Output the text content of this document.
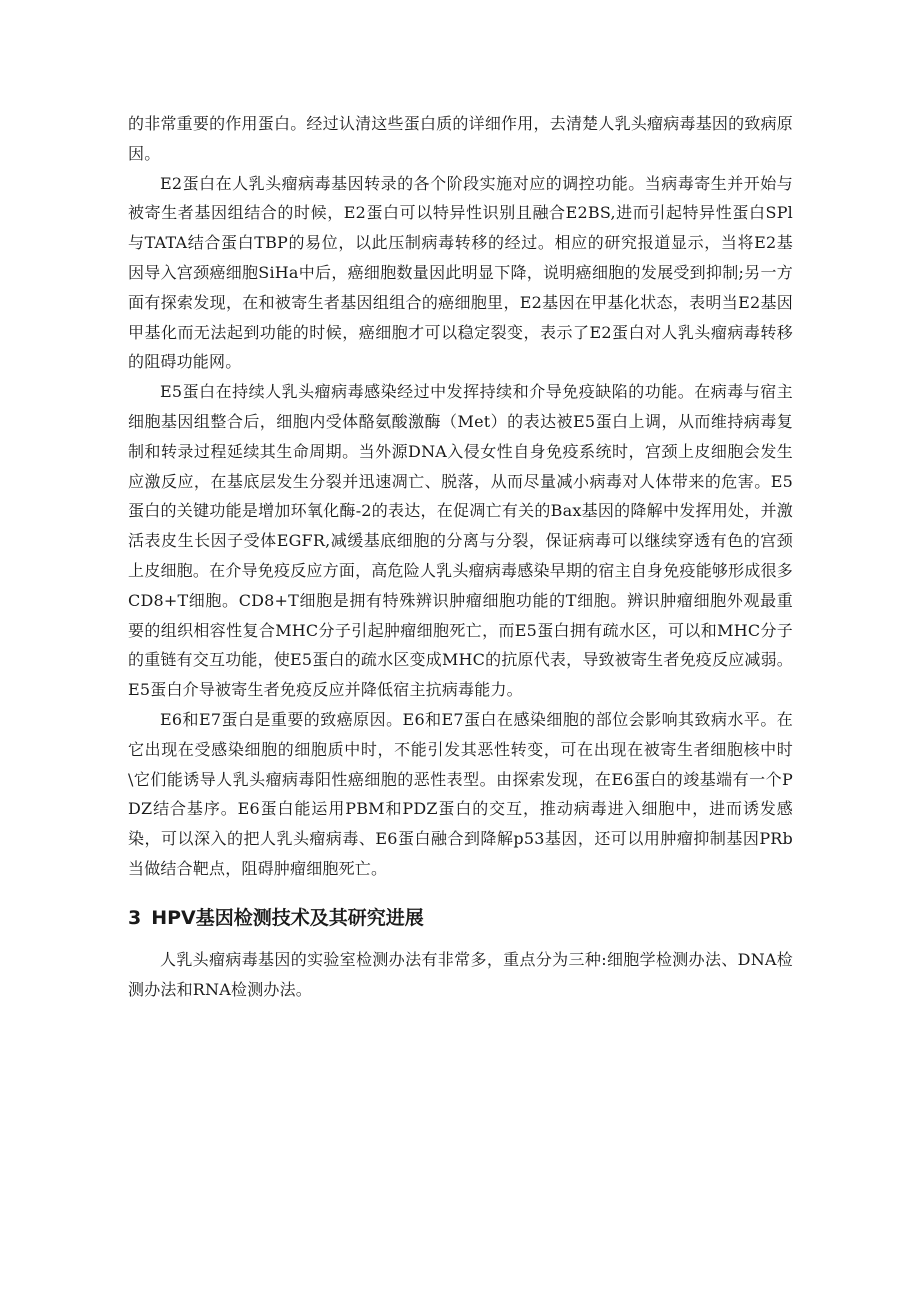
的非常重要的作用蛋白。经过认清这些蛋白质的详细作用，去清楚人乳头瘤病毒基因的致病原因。

E2蛋白在人乳头瘤病毒基因转录的各个阶段实施对应的调控功能。当病毒寄生并开始与被寄生者基因组结合的时候，E2蛋白可以特异性识别且融合E2BS,进而引起特异性蛋白SPl与TATA结合蛋白TBP的易位，以此压制病毒转移的经过。相应的研究报道显示，当将E2基因导入宫颈癌细胞SiHa中后，癌细胞数量因此明显下降，说明癌细胞的发展受到抑制;另一方面有探索发现，在和被寄生者基因组组合的癌细胞里，E2基因在甲基化状态，表明当E2基因甲基化而无法起到功能的时候，癌细胞才可以稳定裂变，表示了E2蛋白对人乳头瘤病毒转移的阻碍功能网。

E5蛋白在持续人乳头瘤病毒感染经过中发挥持续和介导免疫缺陷的功能。在病毒与宿主细胞基因组整合后，细胞内受体酪氨酸激酶（Met）的表达被E5蛋白上调，从而维持病毒复制和转录过程延续其生命周期。当外源DNA入侵女性自身免疫系统时，宫颈上皮细胞会发生应激反应，在基底层发生分裂并迅速凋亡、脱落，从而尽量减小病毒对人体带来的危害。E5蛋白的关键功能是增加环氧化酶-2的表达，在促凋亡有关的Bax基因的降解中发挥用处，并激活表皮生长因子受体EGFR,减缓基底细胞的分离与分裂，保证病毒可以继续穿透有色的宫颈上皮细胞。在介导免疫反应方面，高危险人乳头瘤病毒感染早期的宿主自身免疫能够形成很多CD8+T细胞。CD8+T细胞是拥有特殊辨识肿瘤细胞功能的T细胞。辨识肿瘤细胞外观最重要的组织相容性复合MHC分子引起肿瘤细胞死亡，而E5蛋白拥有疏水区，可以和MHC分子的重链有交互功能，使E5蛋白的疏水区变成MHC的抗原代表，导致被寄生者免疫反应减弱。E5蛋白介导被寄生者免疫反应并降低宿主抗病毒能力。

E6和E7蛋白是重要的致癌原因。E6和E7蛋白在感染细胞的部位会影响其致病水平。在它出现在受感染细胞的细胞质中时，不能引发其恶性转变，可在出现在被寄生者细胞核中时\它们能诱导人乳头瘤病毒阳性癌细胞的恶性表型。由探索发现，在E6蛋白的竣基端有一个PDZ结合基序。E6蛋白能运用PBM和PDZ蛋白的交互，推动病毒进入细胞中，进而诱发感染，可以深入的把人乳头瘤病毒、E6蛋白融合到降解p53基因，还可以用肿瘤抑制基因PRb当做结合靶点，阻碍肿瘤细胞死亡。

3 HPV基因检测技术及其研究进展

人乳头瘤病毒基因的实验室检测办法有非常多，重点分为三种:细胞学检测办法、DNA检测办法和RNA检测办法。
